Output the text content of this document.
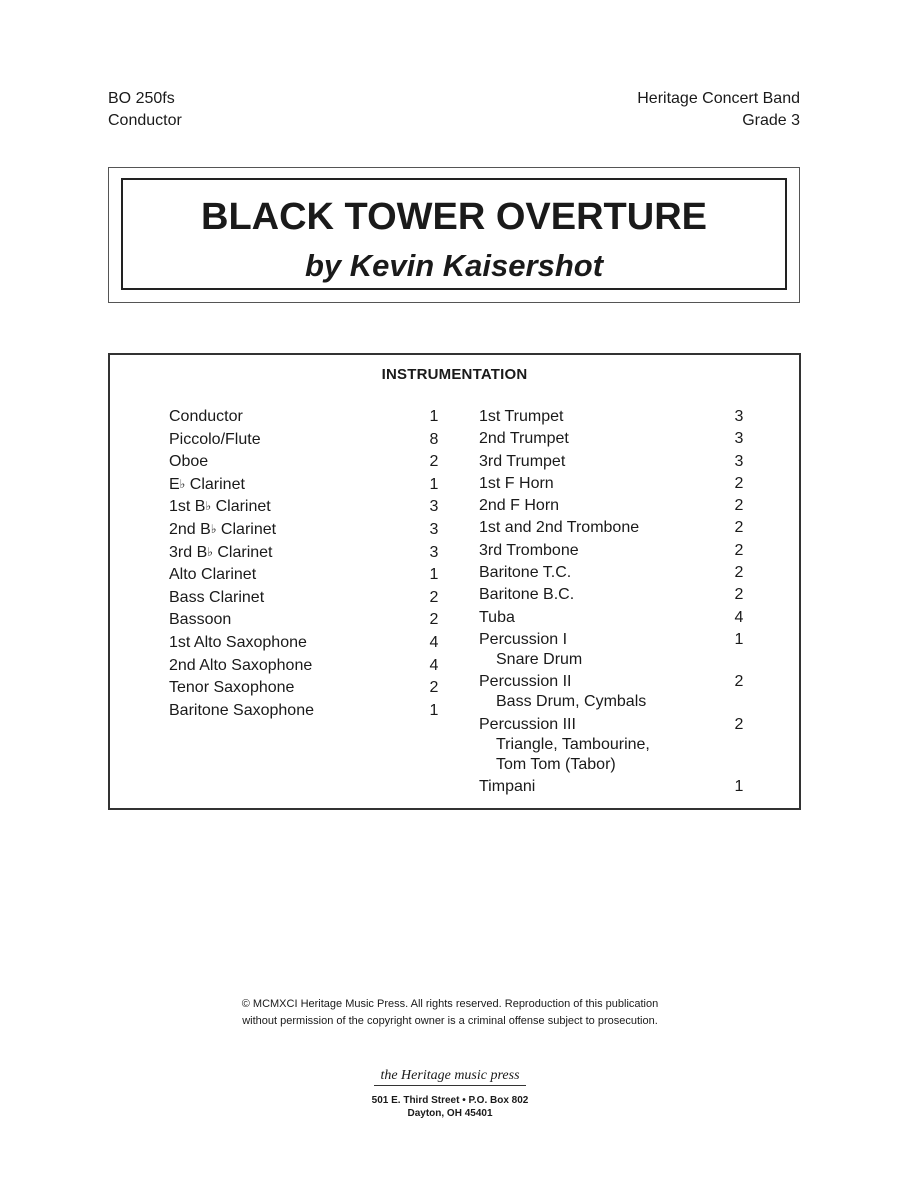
BO 250fs
Conductor
Heritage Concert Band
Grade 3
BLACK TOWER OVERTURE
by Kevin Kaisershot
INSTRUMENTATION
Conductor	1
Piccolo/Flute	8
Oboe	2
E♭ Clarinet	1
1st B♭ Clarinet	3
2nd B♭ Clarinet	3
3rd B♭ Clarinet	3
Alto Clarinet	1
Bass Clarinet	2
Bassoon	2
1st Alto Saxophone	4
2nd Alto Saxophone	4
Tenor Saxophone	2
Baritone Saxophone	1
1st Trumpet	3
2nd Trumpet	3
3rd Trumpet	3
1st F Horn	2
2nd F Horn	2
1st and 2nd Trombone	2
3rd Trombone	2
Baritone T.C.	2
Baritone B.C.	2
Tuba	4
Percussion I	1
Snare Drum
Percussion II	2
Bass Drum, Cymbals
Percussion III	2
Triangle, Tambourine,
Tom Tom (Tabor)
Timpani	1
© MCMXCI Heritage Music Press. All rights reserved. Reproduction of this publication
without permission of the copyright owner is a criminal offense subject to prosecution.
the Heritage music press
501 E. Third Street • P.O. Box 802
Dayton, OH 45401
